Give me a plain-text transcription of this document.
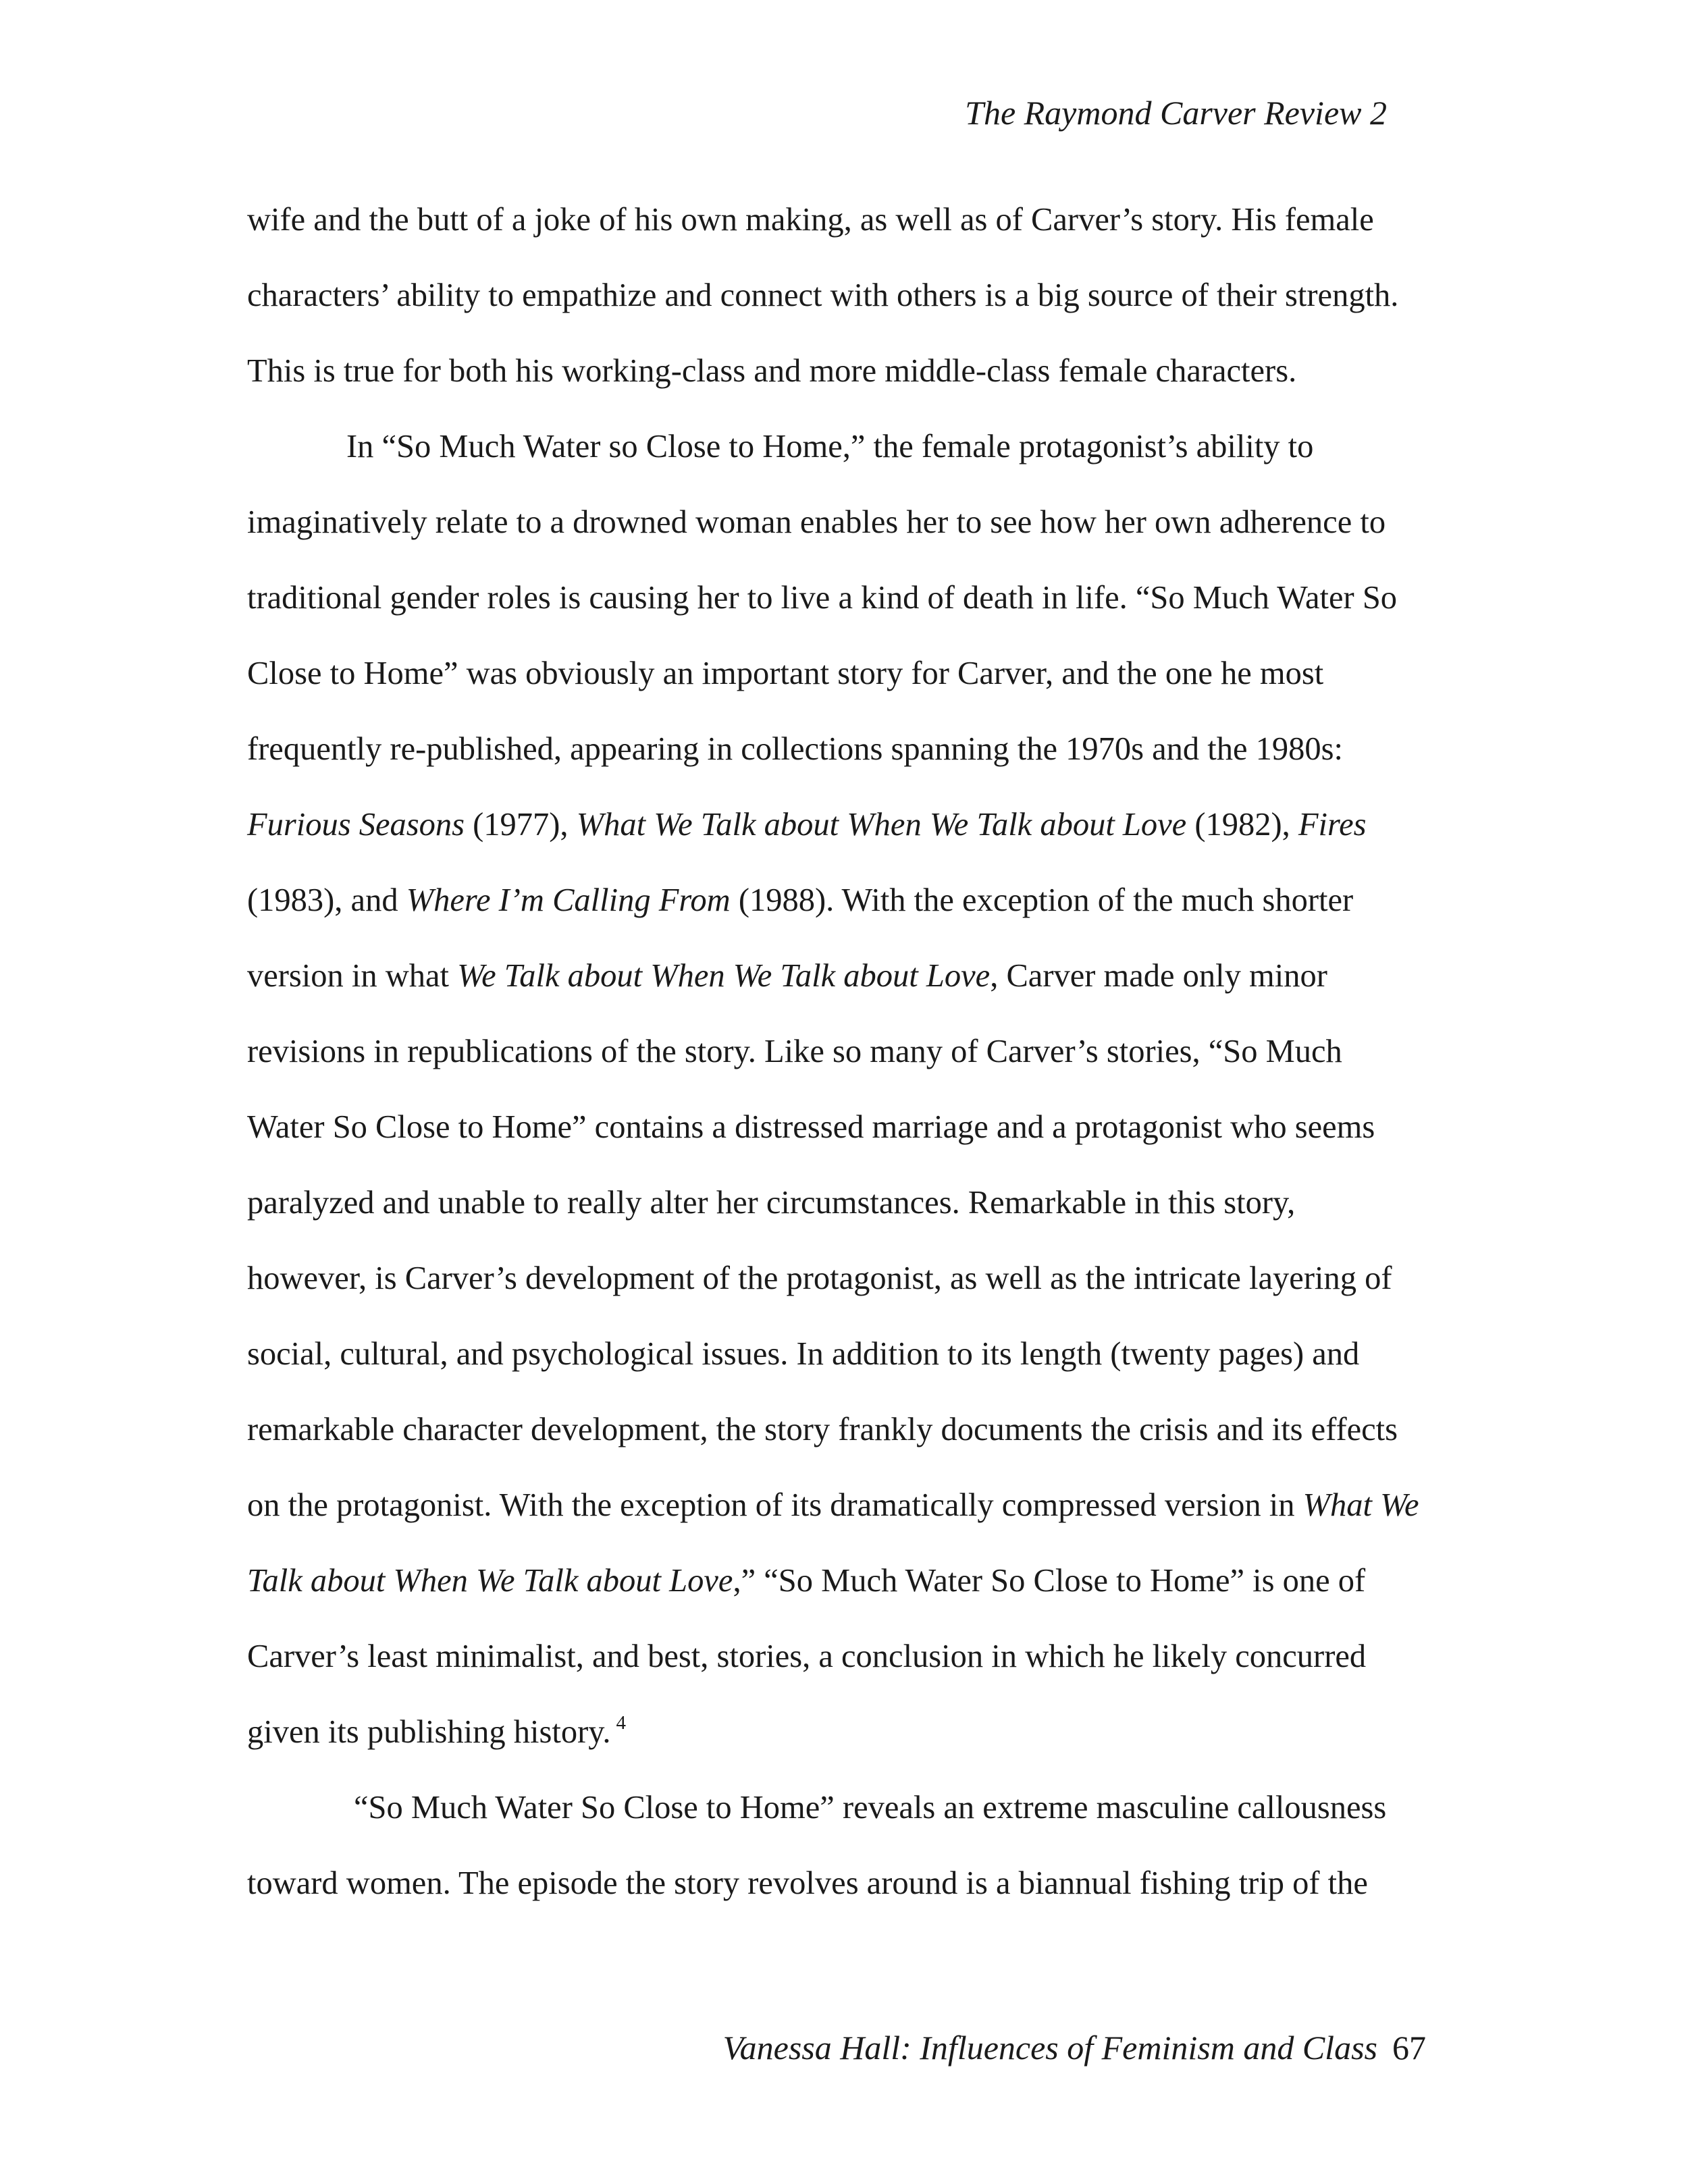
The Raymond Carver Review 2

wife and the butt of a joke of his own making, as well as of Carver’s story. His female

characters’ ability to empathize and connect with others is a big source of their strength.

This is true for both his working-class and more middle-class female characters.

In “So Much Water so Close to Home,” the female protagonist’s ability to

imaginatively relate to a drowned woman enables her to see how her own adherence to

traditional gender roles is causing her to live a kind of death in life. “So Much Water So

Close to Home” was obviously an important story for Carver, and the one he most

frequently re-published, appearing in collections spanning the 1970s and the 1980s:

Furious Seasons (1977), What We Talk about When We Talk about Love (1982), Fires

(1983), and Where I’m Calling From (1988). With the exception of the much shorter

version in what We Talk about When We Talk about Love, Carver made only minor

revisions in republications of the story. Like so many of Carver’s stories, “So Much

Water So Close to Home” contains a distressed marriage and a protagonist who seems

paralyzed and unable to really alter her circumstances. Remarkable in this story,

however, is Carver’s development of the protagonist, as well as the intricate layering of

social, cultural, and psychological issues. In addition to its length (twenty pages) and

remarkable character development, the story frankly documents the crisis and its effects

on the protagonist. With the exception of its dramatically compressed version in What We

Talk about When We Talk about Love,” “So Much Water So Close to Home” is one of

Carver’s least minimalist, and best, stories, a conclusion in which he likely concurred

given its publishing history. $^4$

“So Much Water So Close to Home” reveals an extreme masculine callousness

toward women. The episode the story revolves around is a biannual fishing trip of the

Vanessa Hall: Influences of Feminism and Class 67
